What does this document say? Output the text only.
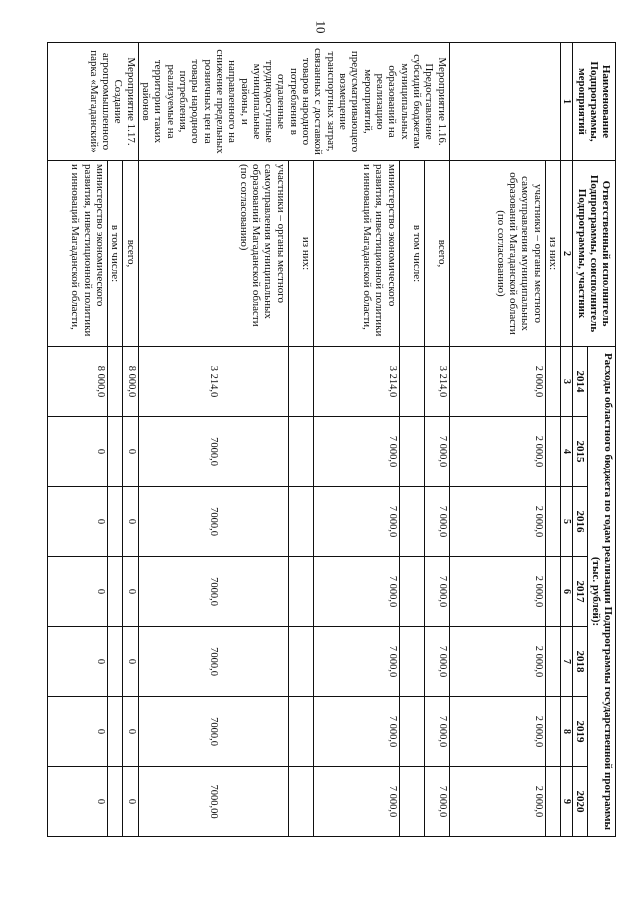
10
Наименование Подпрограммы, мероприятий	Ответственный исполнитель Подпрограммы, соисполнитель Подпрограммы, участник	Расходы областного бюджета по годам реализации Подпрограммы государственной программы (тыс. рублей):						
		2014	2015	2016	2017	2018	2019	2020
1	2	3	4	5	6	7	8	9
	из них:							
	участники – органы местного самоуправления муниципальных образований Магаданской области (по согласованию)	2 000,0	2 000,0	2 000,0	2 000,0	2 000,0	2 000,0	2 000,0
Мероприятие 1.16. Предоставление субсидий бюджетам муниципальных образований на реализацию мероприятий, предусматривающего возмещение транспортных затрат, связанных с доставкой товаров народного потребления в отдаленные труднодоступные муниципальные районы, и направленного на снижение предельных розничных цен на товары народного потребления, реализуемые на территории таких районов	всего,	3 214,0	7 000,0	7 000,0	7 000,0	7 000,0	7 000,0	7 000,0
	в том числе:							
	министерство экономического развития, инвестиционной политики и инноваций Магаданской области,	3 214,0	7 000,0	7 000,0	7 000,0	7 000,0	7 000,0	7 000,0
	из них:							
	участники – органы местного самоуправления муниципальных образований Магаданской области (по согласованию)	3 214,0	7000,0	7000,0	7000,0	7000,0	7000,0	7000,00
Мероприятие 1.17. Создание агропромышленного парка «Магаданский»	всего,	8 000,0	0	0	0	0	0	0
	в том числе:							
	министерство экономического развития, инвестиционной политики и инноваций Магаданской области,	8 000,0	0	0	0	0	0	0
